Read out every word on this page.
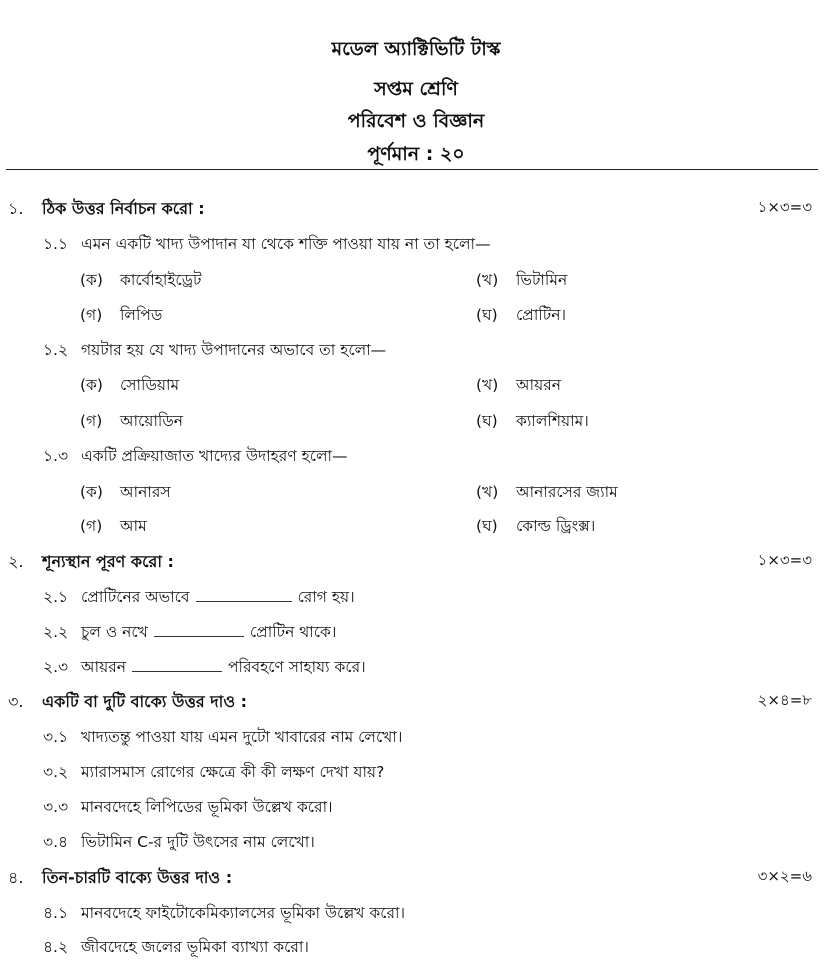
মডেল অ্যাক্টিভিটি টাস্ক
সপ্তম শ্রেণি
পরিবেশ ও বিজ্ঞান
পূর্ণমান : ২০
১. ঠিক উত্তর নির্বাচন করো :	১×৩=৩
১.১ এমন একটি খাদ্য উপাদান যা থেকে শক্তি পাওয়া যায় না তা হলো—
(ক) কার্বোহাইড্রেট	(খ) ভিটামিন
(গ) লিপিড	(ঘ) প্রোটিন।
১.২ গয়টার হয় যে খাদ্য উপাদানের অভাবে তা হলো—
(ক) সোডিয়াম	(খ) আয়রন
(গ) আয়োডিন	(ঘ) ক্যালশিয়াম।
১.৩ একটি প্রক্রিয়াজাত খাদ্যের উদাহরণ হলো—
(ক) আনারস	(খ) আনারসের জ্যাম
(গ) আম	(ঘ) কোল্ড ড্রিংক্স।
২. শূন্যস্থান পূরণ করো :	১×৩=৩
২.১ প্রোটিনের অভাবে	রোগ হয়।
২.২ চুল ও নখে	প্রোটিন থাকে।
২.৩ আয়রন	পরিবহণে সাহায্য করে।
৩. একটি বা দুটি বাক্যে উত্তর দাও :	২×৪=৮
৩.১ খাদ্যতন্তু পাওয়া যায় এমন দুটো খাবারের নাম লেখো।
৩.২ ম্যারাসমাস রোগের ক্ষেত্রে কী কী লক্ষণ দেখা যায়?
৩.৩ মানবদেহে লিপিডের ভূমিকা উল্লেখ করো।
৩.৪ ভিটামিন C-র দুটি উৎসের নাম লেখো।
৪. তিন-চারটি বাক্যে উত্তর দাও :	৩×২=৬
৪.১ মানবদেহে ফাইটোকেমিক্যালসের ভূমিকা উল্লেখ করো।
৪.২ জীবদেহে জলের ভূমিকা ব্যাখ্যা করো।
